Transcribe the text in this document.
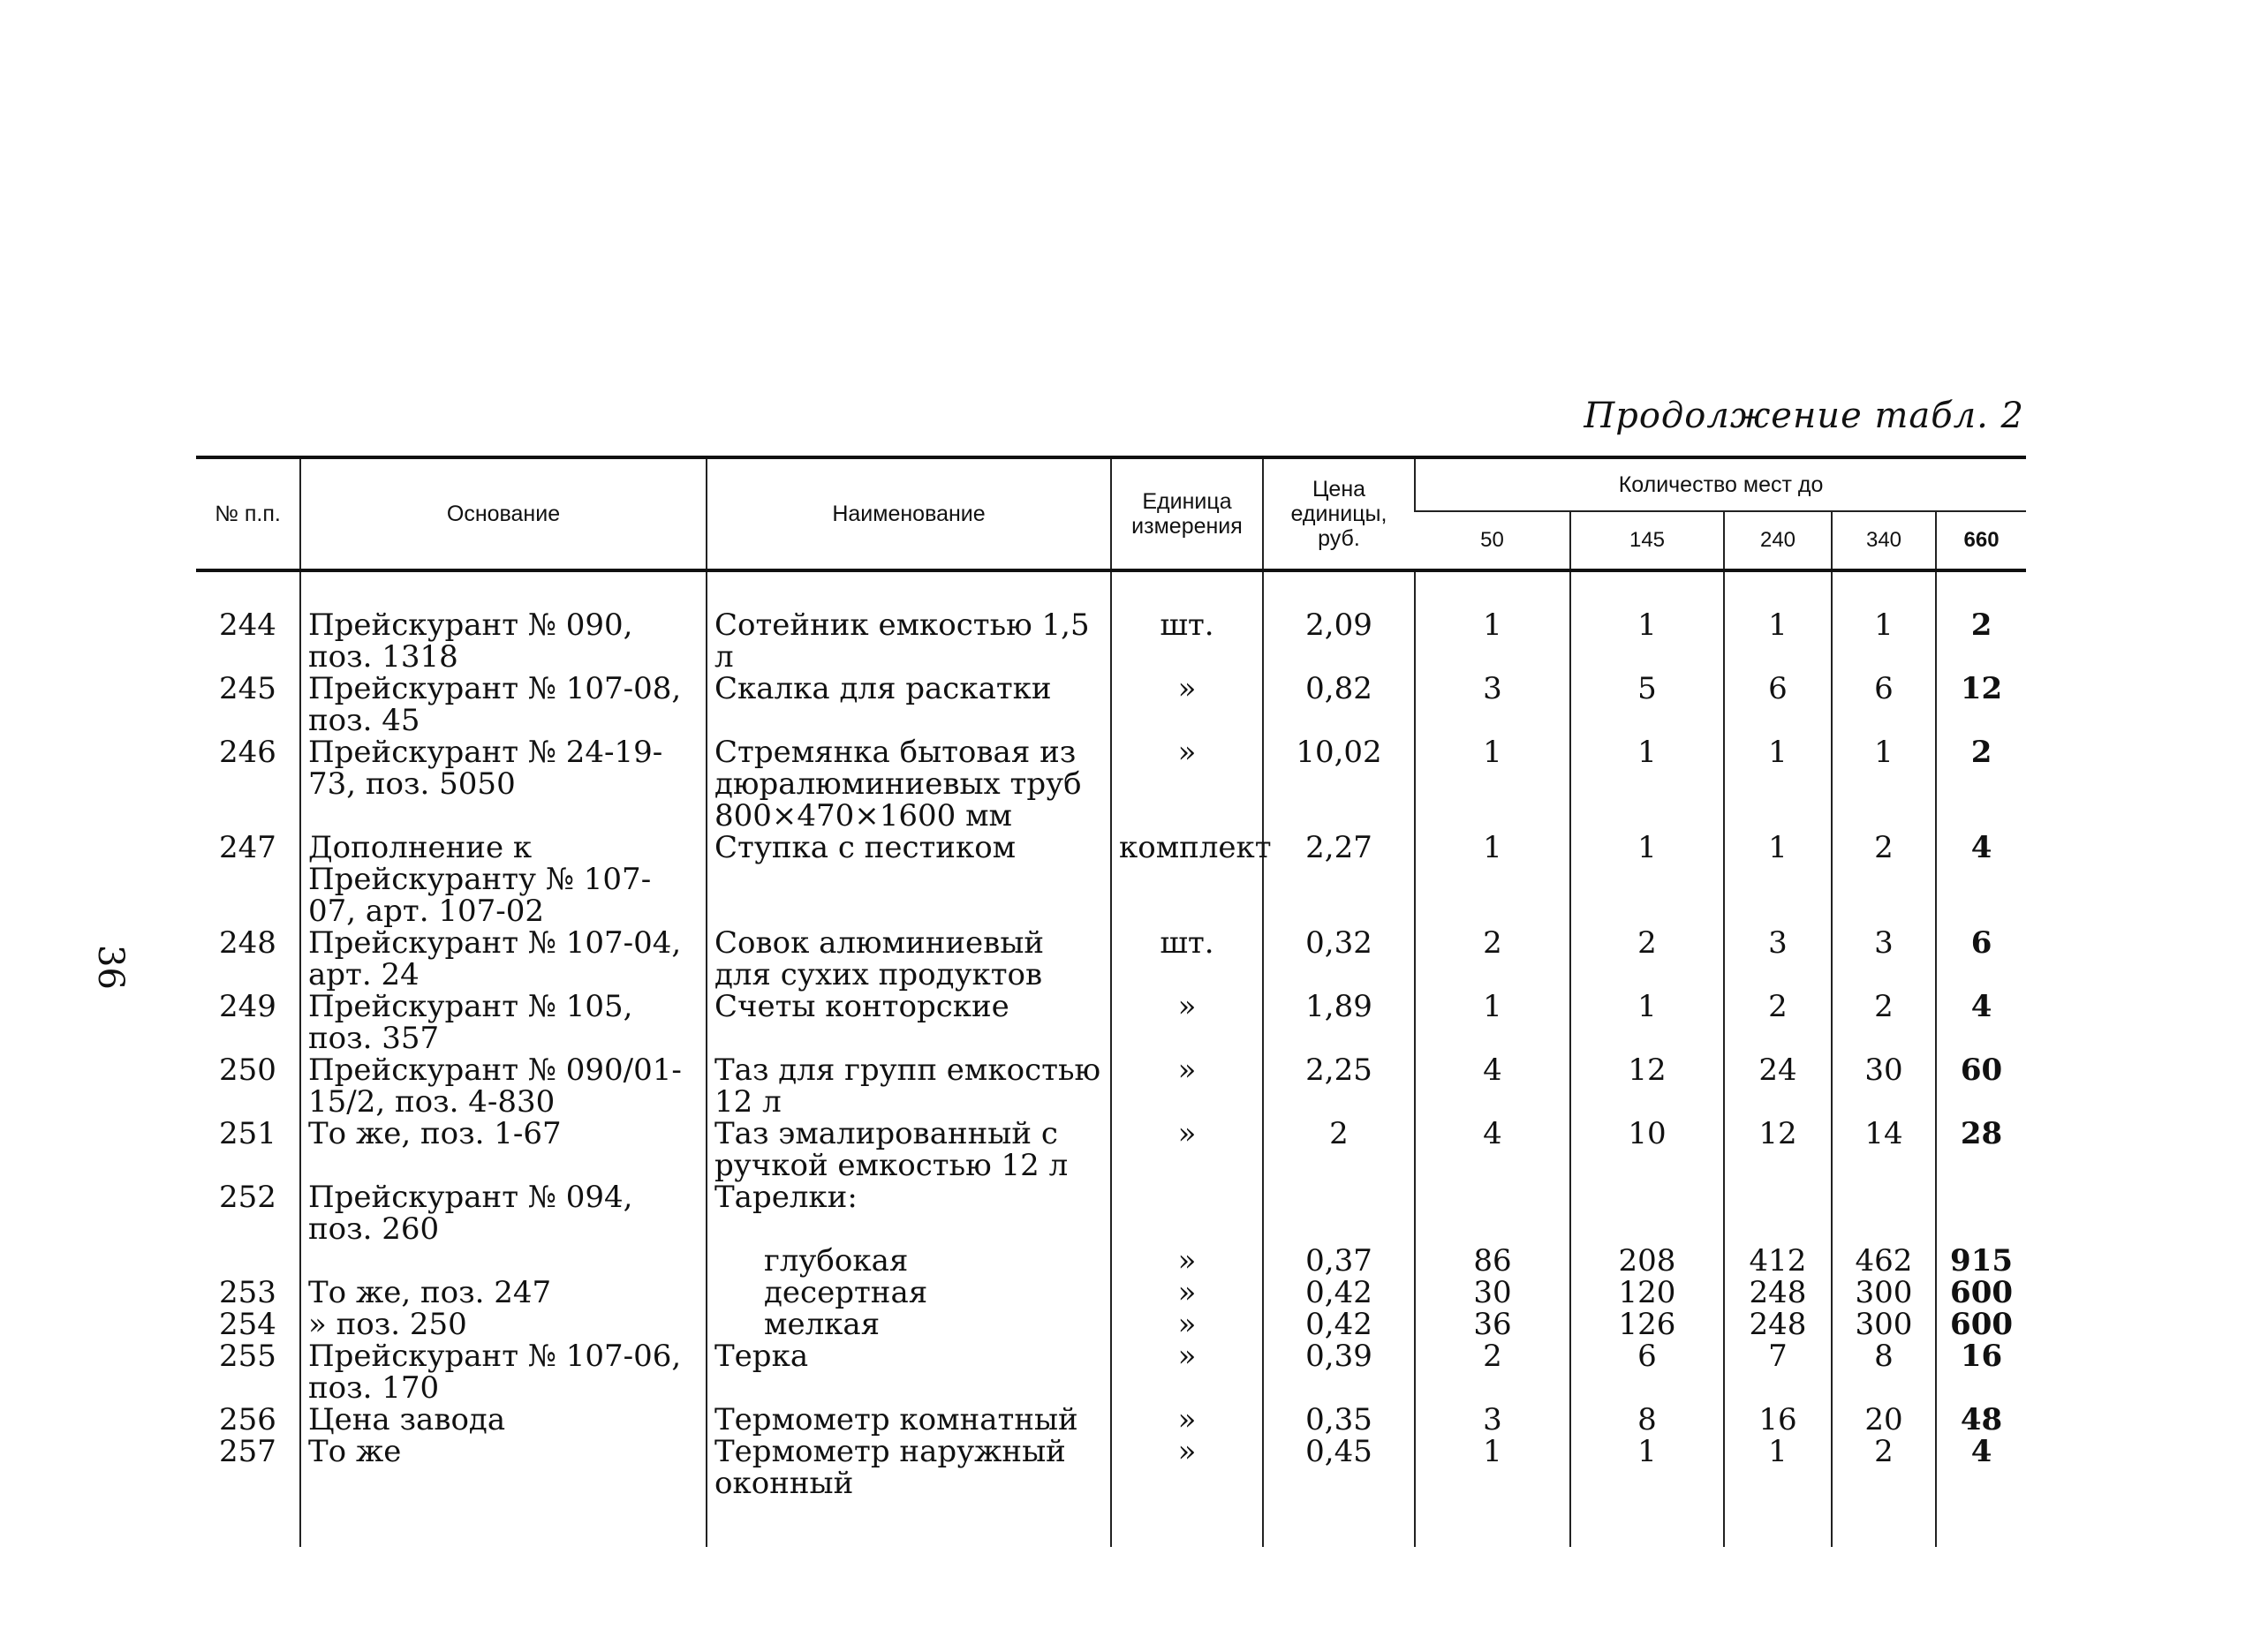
Продолжение табл. 2
36
№ п.п.	Основание	Наименование	Единица измерения	Цена единицы, руб.	Количество мест до				
					50	145	240	340	660
244	Прейскурант № 090, поз. 1318	Сотейник емкостью 1,5 л	шт.	2,09	1	1	1	1	2
245	Прейскурант № 107-08, поз. 45	Скалка для раскатки	»	0,82	3	5	6	6	12
246	Прейскурант № 24-19-73, поз. 5050	Стремянка бытовая из дюралюминиевых труб 800×470×1600 мм	»	10,02	1	1	1	1	2
247	Дополнение к Прейскуранту № 107-07, арт. 107-02	Ступка с пестиком	комплект	2,27	1	1	1	2	4
248	Прейскурант № 107-04, арт. 24	Совок алюминиевый для сухих продуктов	шт.	0,32	2	2	3	3	6
249	Прейскурант № 105, поз. 357	Счеты конторские	»	1,89	1	1	2	2	4
250	Прейскурант № 090/01-15/2, поз. 4-830	Таз для групп емкостью 12 л	»	2,25	4	12	24	30	60
251	То же, поз. 1-67	Таз эмалированный с ручкой емкостью 12 л	»	2	4	10	12	14	28
252	Прейскурант № 094, поз. 260	Тарелки:							
		глубокая	»	0,37	86	208	412	462	915
253	То же, поз. 247	десертная	»	0,42	30	120	248	300	600
254	» поз. 250	мелкая	»	0,42	36	126	248	300	600
255	Прейскурант № 107-06, поз. 170	Терка	»	0,39	2	6	7	8	16
256	Цена завода	Термометр комнатный	»	0,35	3	8	16	20	48
257	То же	Термометр наружный оконный	»	0,45	1	1	1	2	4
